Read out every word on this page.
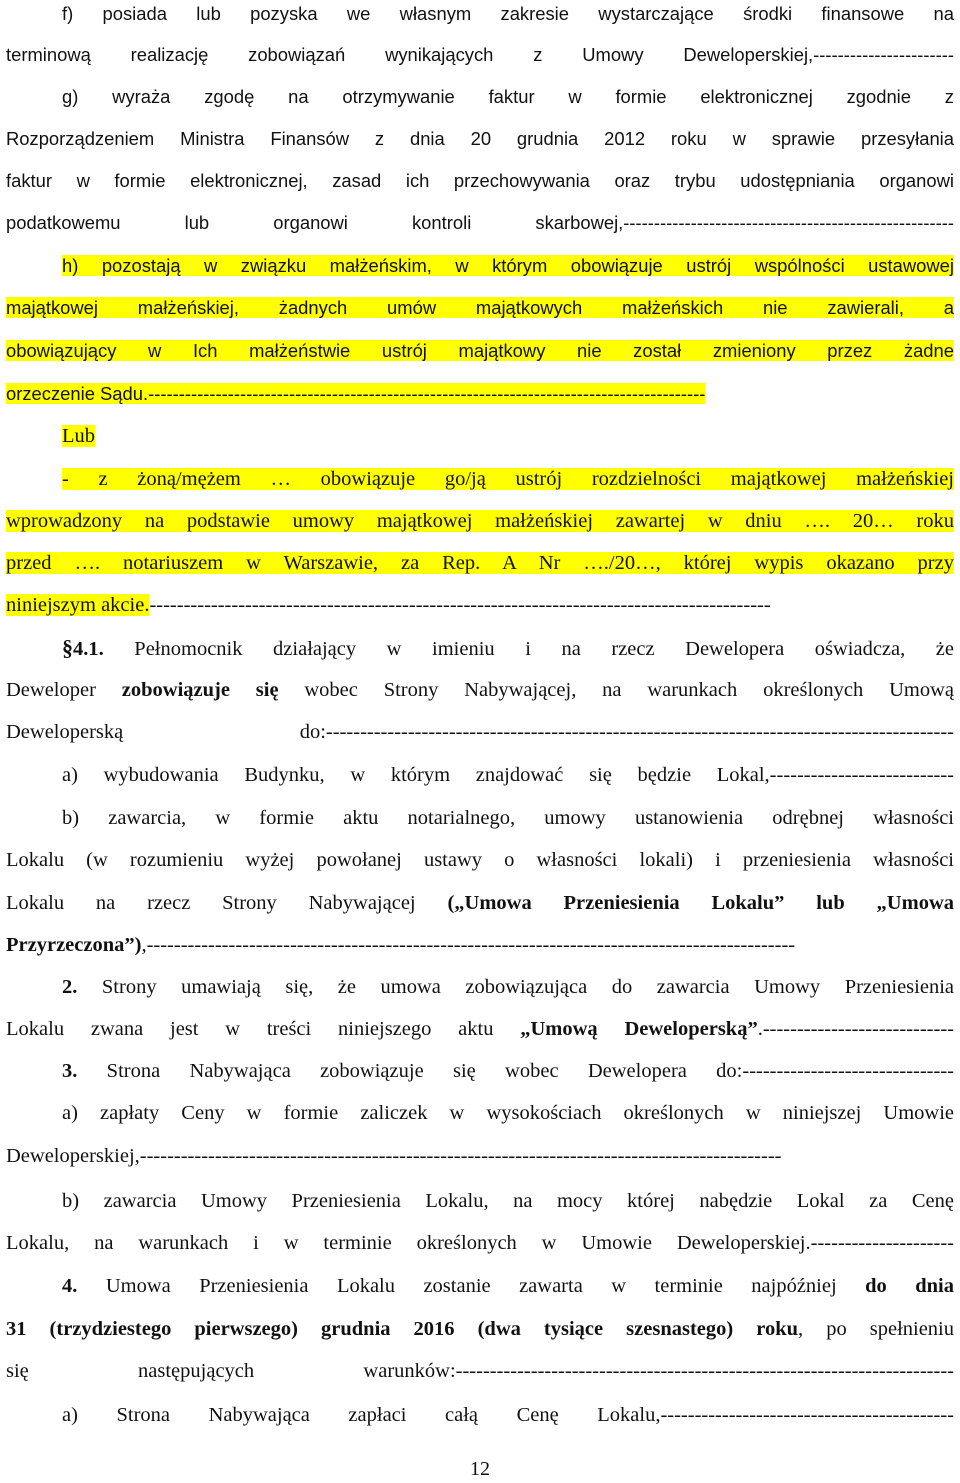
f) posiada lub pozyska we własnym zakresie wystarczające środki finansowe na
terminową realizację zobowiązań wynikających z Umowy Deweloperskiej,-----------------------
g) wyraża zgodę na otrzymywanie faktur w formie elektronicznej zgodnie z
Rozporządzeniem Ministra Finansów z dnia 20 grudnia 2012 roku w sprawie przesyłania
faktur w formie elektronicznej, zasad ich przechowywania oraz trybu udostępniania organowi
podatkowemu lub organowi kontroli skarbowej,------------------------------------------------------
h) pozostają w związku małżeńskim, w którym obowiązuje ustrój wspólności ustawowej
majątkowej małżeńskiej, żadnych umów majątkowych małżeńskich nie zawierali, a
obowiązujący w Ich małżeństwie ustrój majątkowy nie został zmieniony przez żadne
orzeczenie Sądu.-------------------------------------------------------------------------------------------
Lub
- z żoną/mężem … obowiązuje go/ją ustrój rozdzielności majątkowej małżeńskiej
wprowadzony na podstawie umowy majątkowej małżeńskiej zawartej w dniu …. 20… roku
przed …. notariuszem w Warszawie, za Rep. A Nr …./20…, której wypis okazano przy
niniejszym akcie.-------------------------------------------------------------------------------------------
§4.1. Pełnomocnik działający w imieniu i na rzecz Dewelopera oświadcza, że
Deweloper zobowiązuje się wobec Strony Nabywającej, na warunkach określonych Umową
Deweloperską do:--------------------------------------------------------------------------------------------
a) wybudowania Budynku, w którym znajdować się będzie Lokal,---------------------------
b) zawarcia, w formie aktu notarialnego, umowy ustanowienia odrębnej własności
Lokalu (w rozumieniu wyżej powołanej ustawy o własności lokali) i przeniesienia własności
Lokalu na rzecz Strony Nabywającej („Umowa Przeniesienia Lokalu” lub „Umowa
Przyrzeczona”),-----------------------------------------------------------------------------------------------
2. Strony umawiają się, że umowa zobowiązująca do zawarcia Umowy Przeniesienia
Lokalu zwana jest w treści niniejszego aktu „Umową Deweloperską”.----------------------------
3. Strona Nabywająca zobowiązuje się wobec Dewelopera do:-------------------------------
a) zapłaty Ceny w formie zaliczek w wysokościach określonych w niniejszej Umowie
Deweloperskiej,----------------------------------------------------------------------------------------------
b) zawarcia Umowy Przeniesienia Lokalu, na mocy której nabędzie Lokal za Cenę
Lokalu, na warunkach i w terminie określonych w Umowie Deweloperskiej.---------------------
4. Umowa Przeniesienia Lokalu zostanie zawarta w terminie najpóźniej do dnia
31 (trzydziestego pierwszego) grudnia 2016 (dwa tysiące szesnastego) roku, po spełnieniu
się następujących warunków:-------------------------------------------------------------------------
a) Strona Nabywająca zapłaci całą Cenę Lokalu,-------------------------------------------
12
